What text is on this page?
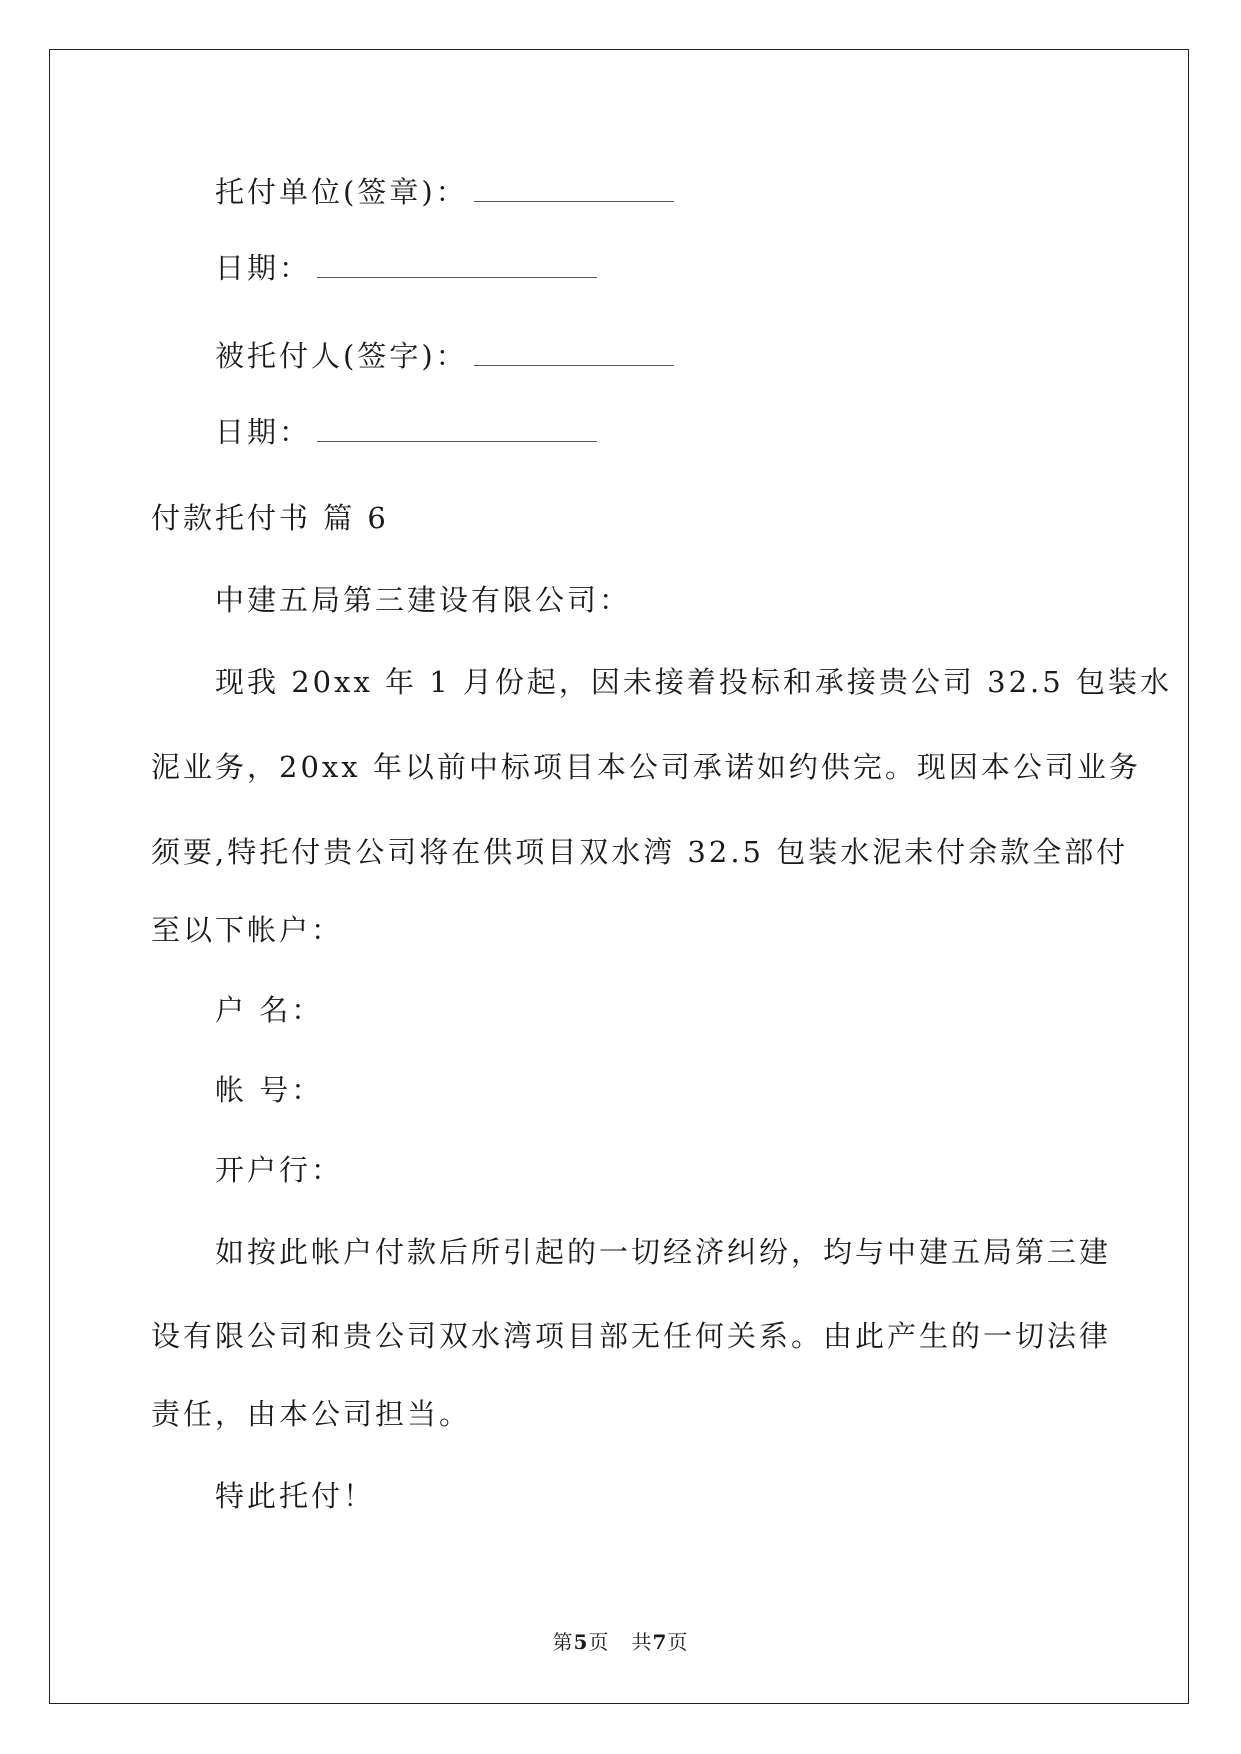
托付单位(签章)：
日期：
被托付人(签字)：
日期：
付款托付书 篇 6
中建五局第三建设有限公司：
现我 20xx 年 1 月份起，因未接着投标和承接贵公司 32.5 包装水
泥业务，20xx 年以前中标项目本公司承诺如约供完。现因本公司业务
须要,特托付贵公司将在供项目双水湾 32.5 包装水泥未付余款全部付
至以下帐户：
户 名：
帐 号：
开户行：
如按此帐户付款后所引起的一切经济纠纷，均与中建五局第三建
设有限公司和贵公司双水湾项目部无任何关系。由此产生的一切法律
责任，由本公司担当。
特此托付！
第5页 共7页
